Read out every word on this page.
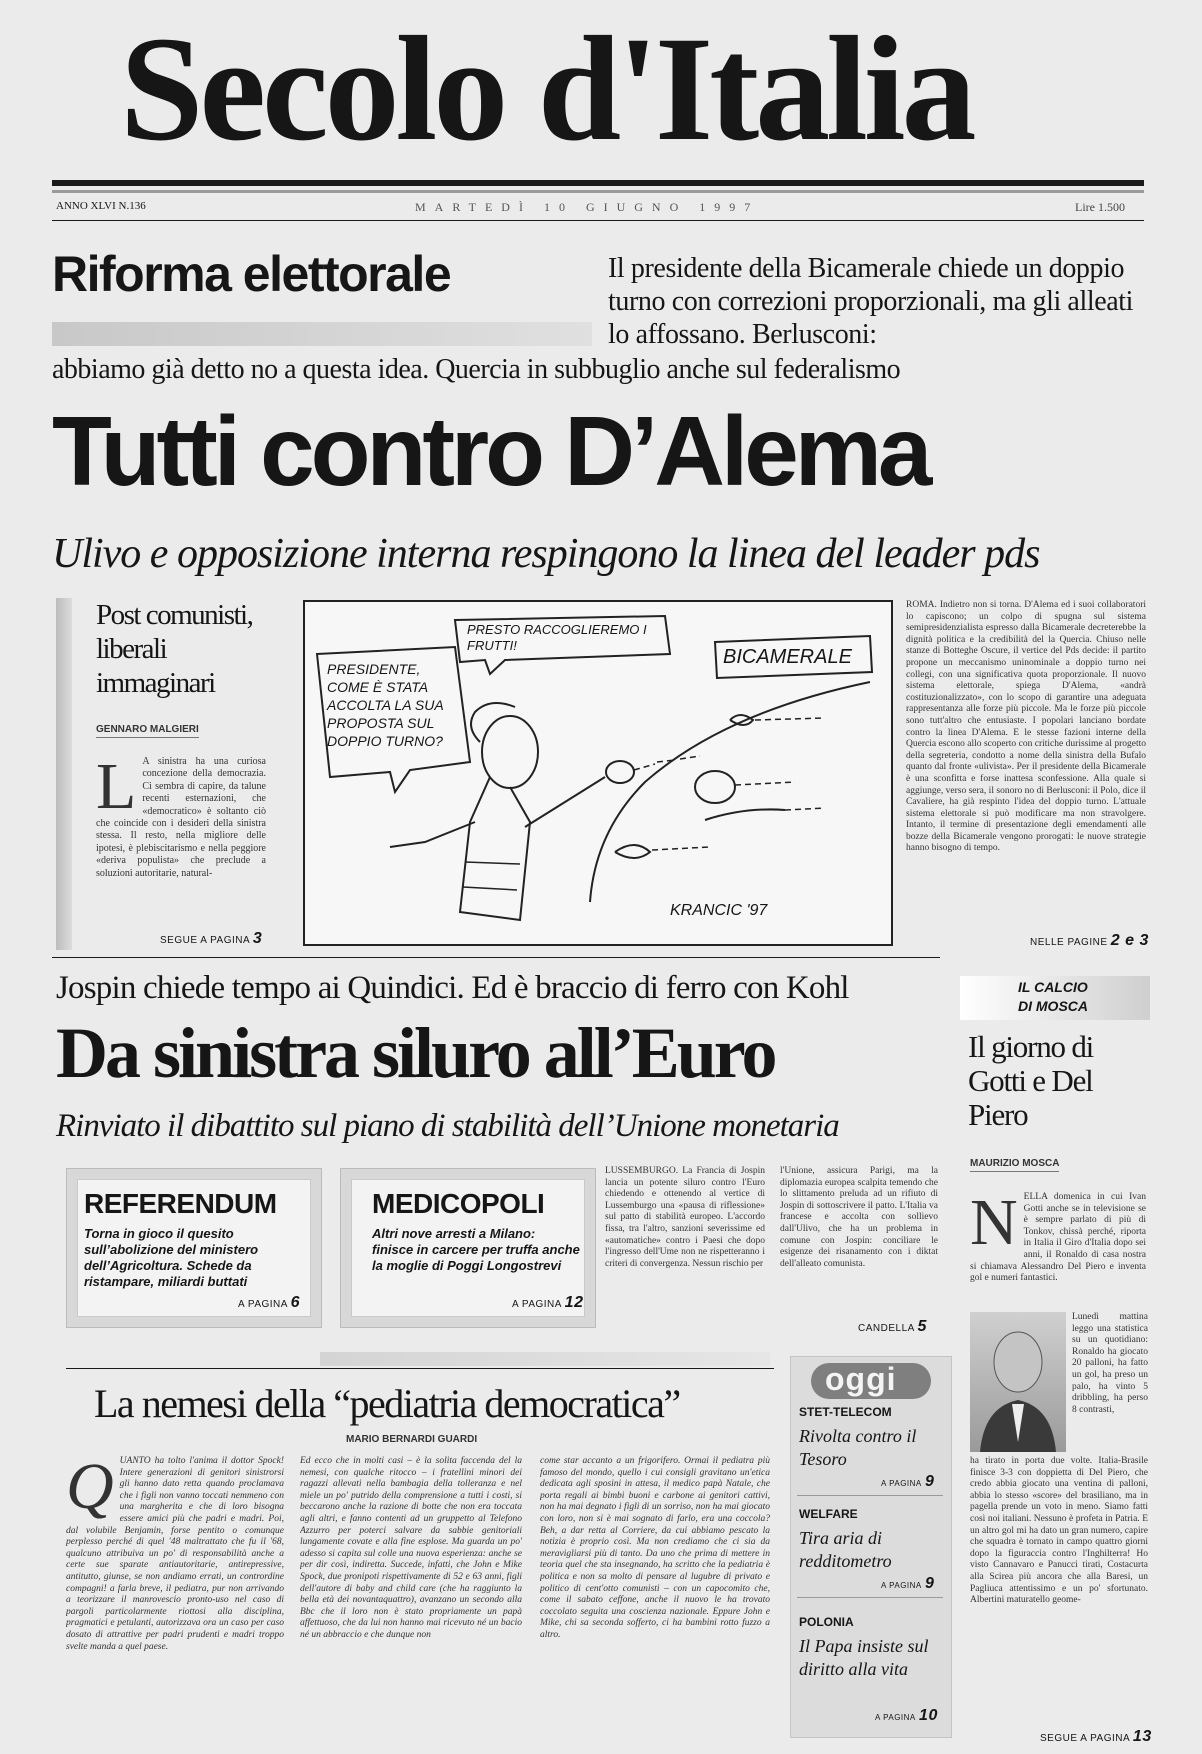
Secolo d'Italia
ANNO XLVI N.136	MARTEDÌ 10 GIUGNO 1997	Lire 1.500
Riforma elettorale	Il presidente della Bicamerale chiede un doppio turno con correzioni proporzionali, ma gli alleati lo affossano. Berlusconi:
abbiamo già detto no a questa idea. Quercia in subbuglio anche sul federalismo
Tutti contro D’Alema
Ulivo e opposizione interna respingono la linea del leader pds
Post comunisti, liberali immaginari
GENNARO MALGIERI
L A sinistra ha una curiosa concezione della democrazia. Ci sembra di capire, da talune recenti esternazioni, che «democratico» è soltanto ciò che coincide con i desideri della sinistra stessa. Il resto, nella migliore delle ipotesi, è plebiscitarismo e nella peggiore «deriva populista» che preclude a soluzioni autoritarie, natural-
SEGUE A PAGINA 3
PRESIDENTE, COME È STATA ACCOLTA LA SUA PROPOSTA SUL DOPPIO TURNO?
PRESTO RACCOGLIEREMO I FRUTTI!
BICAMERALE
KRANCIC '97
ROMA. Indietro non si torna. D'Alema ed i suoi collaboratori lo capiscono; un colpo di spugna sul sistema semipresidenzialista espresso dalla Bicamerale decreterebbe la dignità politica e la credibilità del la Quercia. Chiuso nelle stanze di Botteghe Oscure, il vertice del Pds decide: il partito propone un meccanismo uninominale a doppio turno nei collegi, con una significativa quota proporzionale. Il nuovo sistema elettorale, spiega D'Alema, «andrà costituzionalizzato», con lo scopo di garantire una adeguata rappresentanza alle forze più piccole. Ma le forze più piccole sono tutt'altro che entusiaste. I popolari lanciano bordate contro la linea D'Alema. E le stesse fazioni interne della Quercia escono allo scoperto con critiche durissime al progetto della segreteria, condotto a nome della sinistra della Bufalo quanto dal fronte «ulivista». Per il presidente della Bicamerale è una sconfitta e forse inattesa sconfessione. Alla quale si aggiunge, verso sera, il sonoro no di Berlusconi: il Polo, dice il Cavaliere, ha già respinto l'idea del doppio turno. L'attuale sistema elettorale si può modificare ma non stravolgere. Intanto, il termine di presentazione degli emendamenti alle bozze della Bicamerale vengono prorogati: le nuove strategie hanno bisogno di tempo.
NELLE PAGINE 2 e 3
Jospin chiede tempo ai Quindici. Ed è braccio di ferro con Kohl
Da sinistra siluro all’Euro
Rinviato il dibattito sul piano di stabilità dell’Unione monetaria
REFERENDUM
Torna in gioco il quesito sull’abolizione del ministero dell’Agricoltura. Schede da ristampare, miliardi buttati
A PAGINA 6
MEDICOPOLI
Altri nove arresti a Milano: finisce in carcere per truffa anche la moglie di Poggi Longostrevi
A PAGINA 12
LUSSEMBURGO. La Francia di Jospin lancia un potente siluro contro l'Euro chiedendo e ottenendo al vertice di Lussemburgo una «pausa di riflessione» sul patto di stabilità europeo. L'accordo fissa, tra l'altro, sanzioni severissime ed «automatiche» contro i Paesi che dopo l'ingresso dell'Ume non ne rispetteranno i criteri di convergenza. Nessun rischio per
l'Unione, assicura Parigi, ma la diplomazia europea scalpita temendo che lo slittamento preluda ad un rifiuto di Jospin di sottoscrivere il patto. L'Italia va francese e accolta con sollievo dall'Ulivo, che ha un problema in comune con Jospin: conciliare le esigenze dei risanamento con i diktat dell'alleato comunista.
CANDELLA 5
IL CALCIO
DI MOSCA
Il giorno di Gotti e Del Piero
MAURIZIO MOSCA
NELLA domenica in cui Ivan Gotti anche se in televisione se è sempre parlato di più di Tonkov, chissà perché, riporta in Italia il Giro d'Italia dopo sei anni, il Ronaldo di casa nostra si chiamava Alessandro Del Piero e inventa gol e numeri fantastici.
Lunedì mattina leggo una statistica su un quotidiano: Ronaldo ha giocato 20 palloni, ha fatto un gol, ha preso un palo, ha vinto 5 dribbling, ha perso 8 contrasti,
ha tirato in porta due volte. Italia-Brasile finisce 3-3 con doppietta di Del Piero, che credo abbia giocato una ventina di palloni, abbia lo stesso «score» del brasiliano, ma in pagella prende un voto in meno. Siamo fatti così noi italiani. Nessuno è profeta in Patria. E un altro gol mi ha dato un gran numero, capire che squadra è tornato in campo quattro giorni dopo la figuraccia contro l'Inghilterra! Ho visto Cannavaro e Panucci tirati, Costacurta alla Scirea più ancora che alla Baresi, un Pagliuca attentissimo e un po' sfortunato. Albertini maturatello geome-
SEGUE A PAGINA 13
La nemesi della “pediatria democratica”
MARIO BERNARDI GUARDI
QUANTO ha tolto l'anima il dottor Spock! Intere generazioni di genitori sinistrorsi gli hanno dato retta quando proclamava che i figli non vanno toccati nemmeno con una margherita e che di loro bisogna essere amici più che padri e madri. Poi, dal volubile Benjamin, forse pentito o comunque perplesso perché di quel '48 maltrattato che fu il '68, qualcuno attribuiva un po' di responsabilità anche a certe sue sparate antiautoritarie, antirepressive, antitutto, giunse, se non andiamo errati, un contrordine compagni! a farla breve, il pediatra, pur non arrivando a teorizzare il manrovescio pronto-uso nel caso di pargoli particolarmente riottosi alla disciplina, pragmatici e petulanti, autorizzava ora un caso per caso dosato di attrattive per padri prudenti e madri troppo svelte manda a quel paese.
Ed ecco che in molti casi – è la solita faccenda del la nemesi, con qualche ritocco – i fratellini minori dei ragazzi allevati nella bambagia della tolleranza e nel miele un po' putrido della comprensione a tutti i costi, si beccarono anche la razione di botte che non era toccata agli altri, e fanno contenti ad un gruppetto al Telefono Azzurro per poterci salvare da sabbie genitoriali lungamente covate e alla fine esplose. Ma guarda un po' adesso si capita sul colle una nuova esperienza: anche se per dir così, indiretta. Succede, infatti, che John e Mike Spock, due pronipoti rispettivamente di 52 e 63 anni, figli dell'autore di baby and child care (che ha raggiunto la bella età dei novantaquattro), avanzano un secondo alla Bbc che il loro non è stato propriamente un papà affettuoso, che da lui non hanno mai ricevuto né un bacio né un abbraccio e che dunque non
come star accanto a un frigorifero. Ormai il pediatra più famoso del mondo, quello i cui consigli gravitano un'etica dedicata agli sposini in attesa, il medico papà Natale, che porta regali ai bimbi buoni e carbone ai genitori cattivi, non ha mai degnato i figli di un sorriso, non ha mai giocato con loro, non si è mai sognato di farlo, era una coccola? Beh, a dar retta al Corriere, da cui abbiamo pescato la notizia è proprio così. Ma non crediamo che ci sia da meravigliarsi più di tanto. Da uno che prima di mettere in teoria quel che sta insegnando, ha scritto che la pediatria è politica e non sa molto di pensare al lugubre di privato e politico di cent'otto comunisti – con un capocomito che, come il sabato ceffone, anche il nuovo le ha trovato coccolato seguita una coscienza nazionale. Eppure John e Mike, chi sa seconda sofferto, ci ha bambini rotto fuzzo a altro.
oggi
STET-TELECOM
Rivolta contro il Tesoro
A PAGINA 9
WELFARE
Tira aria di redditometro
A PAGINA 9
POLONIA
Il Papa insiste sul diritto alla vita
A PAGINA 10
